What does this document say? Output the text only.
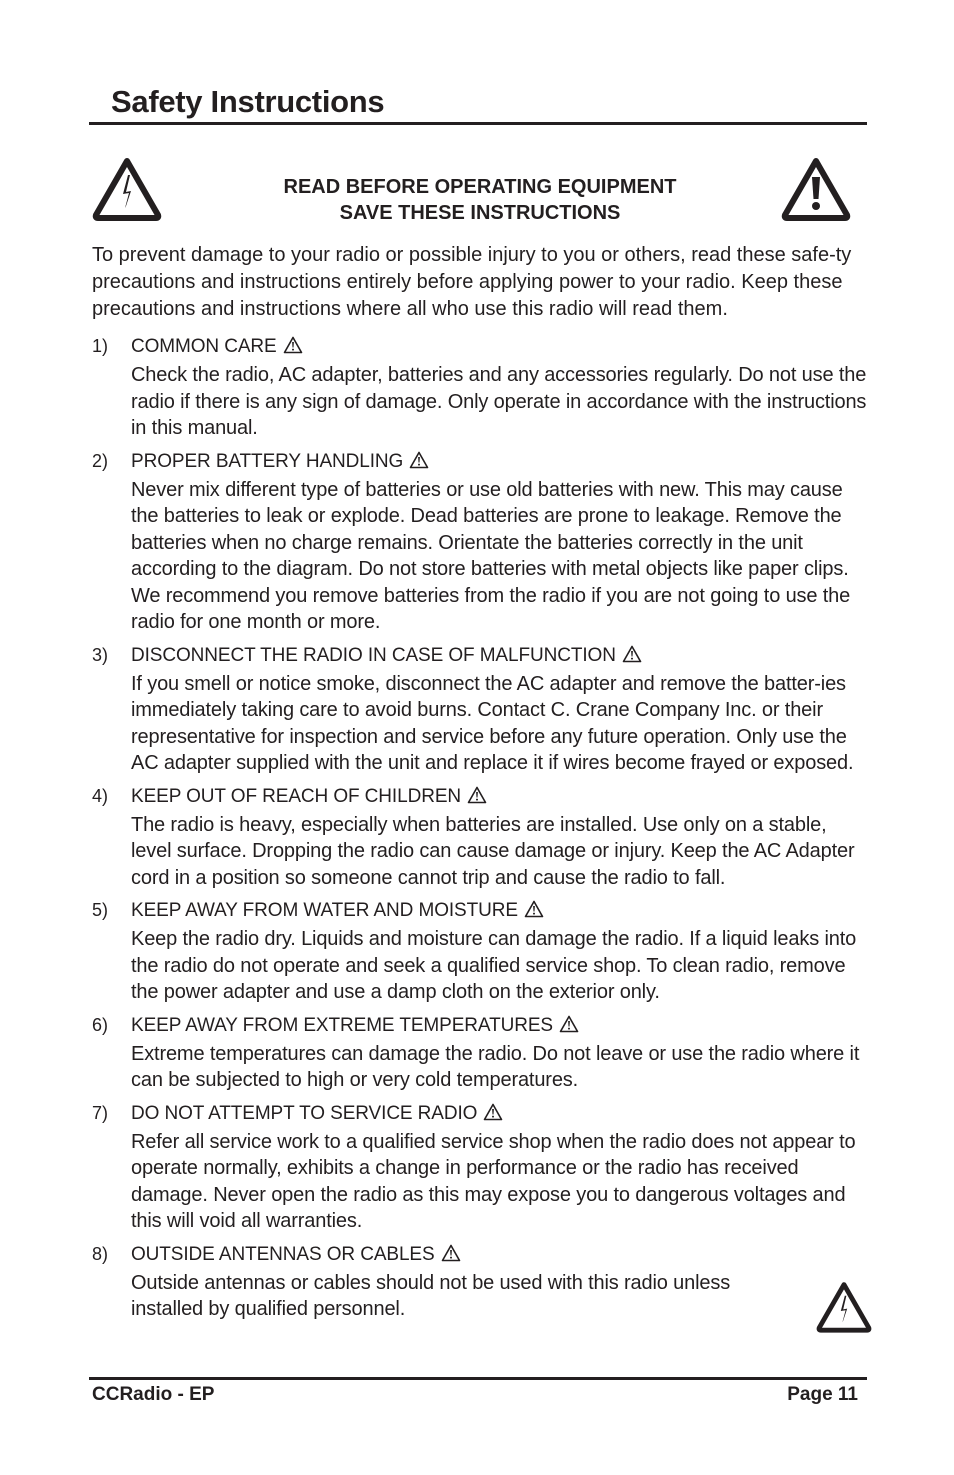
Safety Instructions
READ BEFORE OPERATING EQUIPMENT
SAVE THESE INSTRUCTIONS

To prevent damage to your radio or possible injury to you or others, read these safe-ty precautions and instructions entirely before applying power to your radio. Keep these precautions and instructions where all who use this radio will read them.

1) COMMON CARE
Check the radio, AC adapter, batteries and any accessories regularly. Do not use the radio if there is any sign of damage. Only operate in accordance with the instructions in this manual.
2) PROPER BATTERY HANDLING
Never mix different type of batteries or use old batteries with new. This may cause the batteries to leak or explode. Dead batteries are prone to leakage. Remove the batteries when no charge remains. Orientate the batteries correctly in the unit according to the diagram. Do not store batteries with metal objects like paper clips. We recommend you remove batteries from the radio if you are not going to use the radio for one month or more.
3) DISCONNECT THE RADIO IN CASE OF MALFUNCTION
If you smell or notice smoke, disconnect the AC adapter and remove the batter-ies immediately taking care to avoid burns. Contact C. Crane Company Inc. or their representative for inspection and service before any future operation. Only use the AC adapter supplied with the unit and replace it if wires become frayed or exposed.
4) KEEP OUT OF REACH OF CHILDREN
The radio is heavy, especially when batteries are installed. Use only on a stable, level surface. Dropping the radio can cause damage or injury. Keep the AC Adapter cord in a position so someone cannot trip and cause the radio to fall.
5) KEEP AWAY FROM WATER AND MOISTURE
Keep the radio dry. Liquids and moisture can damage the radio. If a liquid leaks into the radio do not operate and seek a qualified service shop. To clean radio, remove the power adapter and use a damp cloth on the exterior only.
6) KEEP AWAY FROM EXTREME TEMPERATURES
Extreme temperatures can damage the radio. Do not leave or use the radio where it can be subjected to high or very cold temperatures.
7) DO NOT ATTEMPT TO SERVICE RADIO
Refer all service work to a qualified service shop when the radio does not appear to operate normally, exhibits a change in performance or the radio has received damage. Never open the radio as this may expose you to dangerous voltages and this will void all warranties.
8) OUTSIDE ANTENNAS OR CABLES
Outside antennas or cables should not be used with this radio unless installed by qualified personnel.
CCRadio - EP	Page 11
